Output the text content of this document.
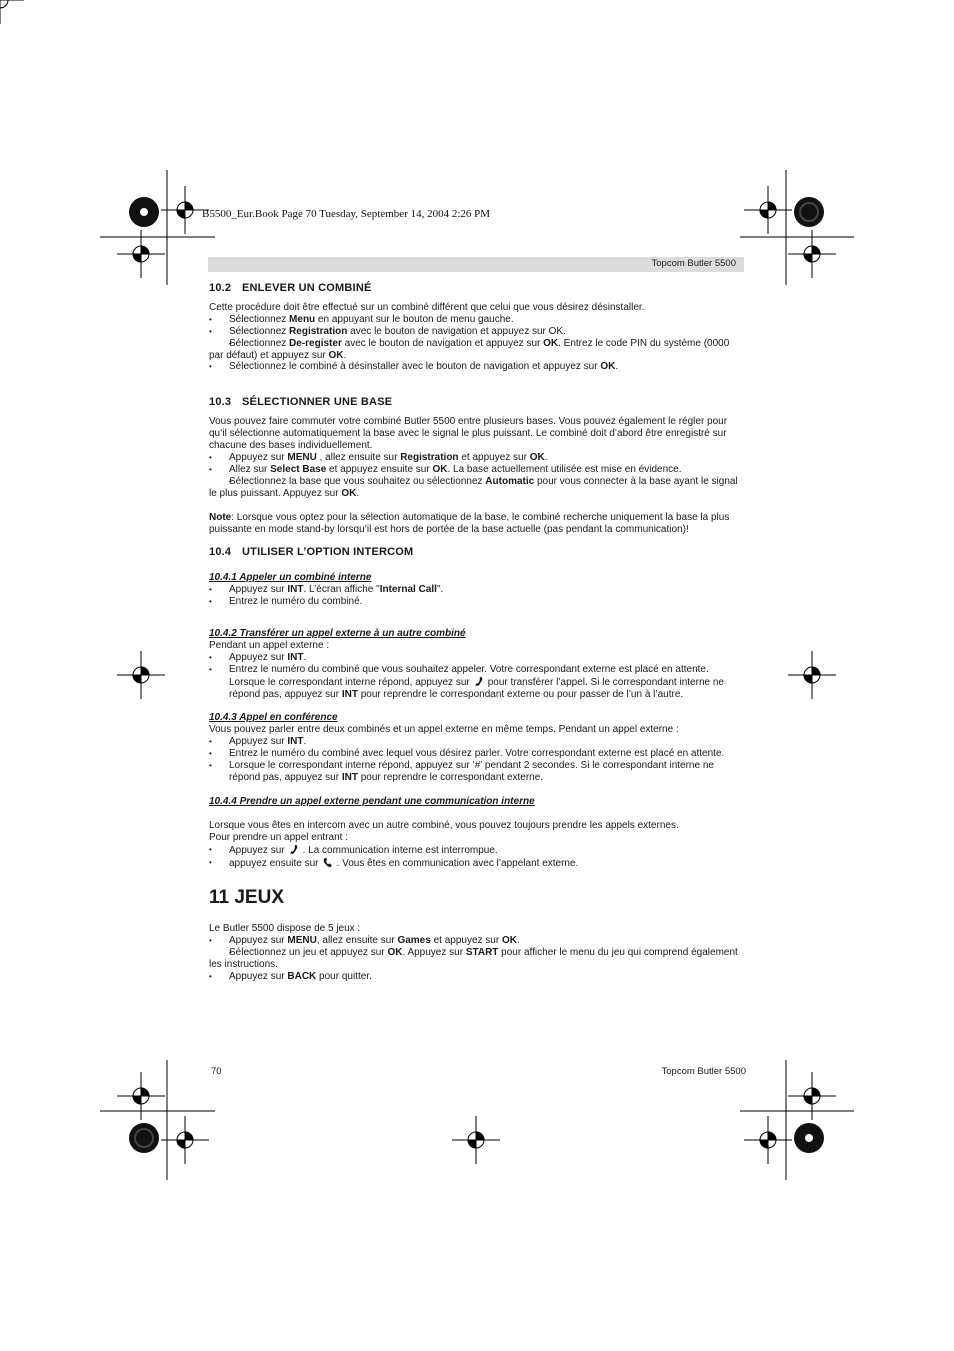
B5500_Eur.Book Page 70 Tuesday, September 14, 2004 2:26 PM
Topcom Butler 5500
10.2 ENLEVER UN COMBINÉ

Cette procédure doit être effectué sur un combiné différent que celui que vous désirez désinstaller.

• Sélectionnez Menu en appuyant sur le bouton de menu gauche.

• Sélectionnez Registration avec le bouton de navigation et appuyez sur OK.

• Sélectionnez De-register avec le bouton de navigation et appuyez sur OK. Entrez le code PIN du système (0000 par défaut) et appuyez sur OK.

• Sélectionnez le combiné à désinstaller avec le bouton de navigation et appuyez sur OK.

10.3 SÉLECTIONNER UNE BASE

Vous pouvez faire commuter votre combiné Butler 5500 entre plusieurs bases. Vous pouvez également le régler pour qu’il sélectionne automatiquement la base avec le signal le plus puissant. Le combiné doit d’abord être enregistré sur chacune des bases individuellement.

• Appuyez sur MENU , allez ensuite sur Registration et appuyez sur OK.

• Allez sur Select Base et appuyez ensuite sur OK. La base actuellement utilisée est mise en évidence.

• Sélectionnez la base que vous souhaitez ou sélectionnez Automatic pour vous connecter à la base ayant le signal le plus puissant. Appuyez sur OK.

Note: Lorsque vous optez pour la sélection automatique de la base, le combiné recherche uniquement la base la plus puissante en mode stand-by lorsqu’il est hors de portée de la base actuelle (pas pendant la communication)!

10.4 UTILISER L’OPTION INTERCOM

10.4.1 Appeler un combiné interne

• Appuyez sur INT. L’écran affiche "Internal Call".

• Entrez le numéro du combiné.

10.4.2 Transférer un appel externe à un autre combiné

Pendant un appel externe :

• Appuyez sur INT.

• Entrez le numéro du combiné que vous souhaitez appeler. Votre correspondant externe est placé en attente.

Lorsque le correspondant interne répond, appuyez sur pour transférer l’appel. Si le correspondant interne ne

répond pas, appuyez sur INT pour reprendre le correspondant externe ou pour passer de l’un à l’autre.

10.4.3 Appel en conférence

Vous pouvez parler entre deux combinés et un appel externe en même temps. Pendant un appel externe :

• Appuyez sur INT.

• Entrez le numéro du combiné avec lequel vous désirez parler. Votre correspondant externe est placé en attente.

• Lorsque le correspondant interne répond, appuyez sur ’#’ pendant 2 secondes. Si le correspondant interne ne

répond pas, appuyez sur INT pour reprendre le correspondant externe.

10.4.4 Prendre un appel externe pendant une communication interne

Lorsque vous êtes en intercom avec un autre combiné, vous pouvez toujours prendre les appels externes.

Pour prendre un appel entrant :

• Appuyez sur . La communication interne est interrompue.

• appuyez ensuite sur . Vous êtes en communication avec l’appelant externe.

11 JEUX

Le Butler 5500 dispose de 5 jeux :

• Appuyez sur MENU, allez ensuite sur Games et appuyez sur OK.

• Sélectionnez un jeu et appuyez sur OK. Appuyez sur START pour afficher le menu du jeu qui comprend également les instructions.

• Appuyez sur BACK pour quitter.

70	Topcom Butler 5500
